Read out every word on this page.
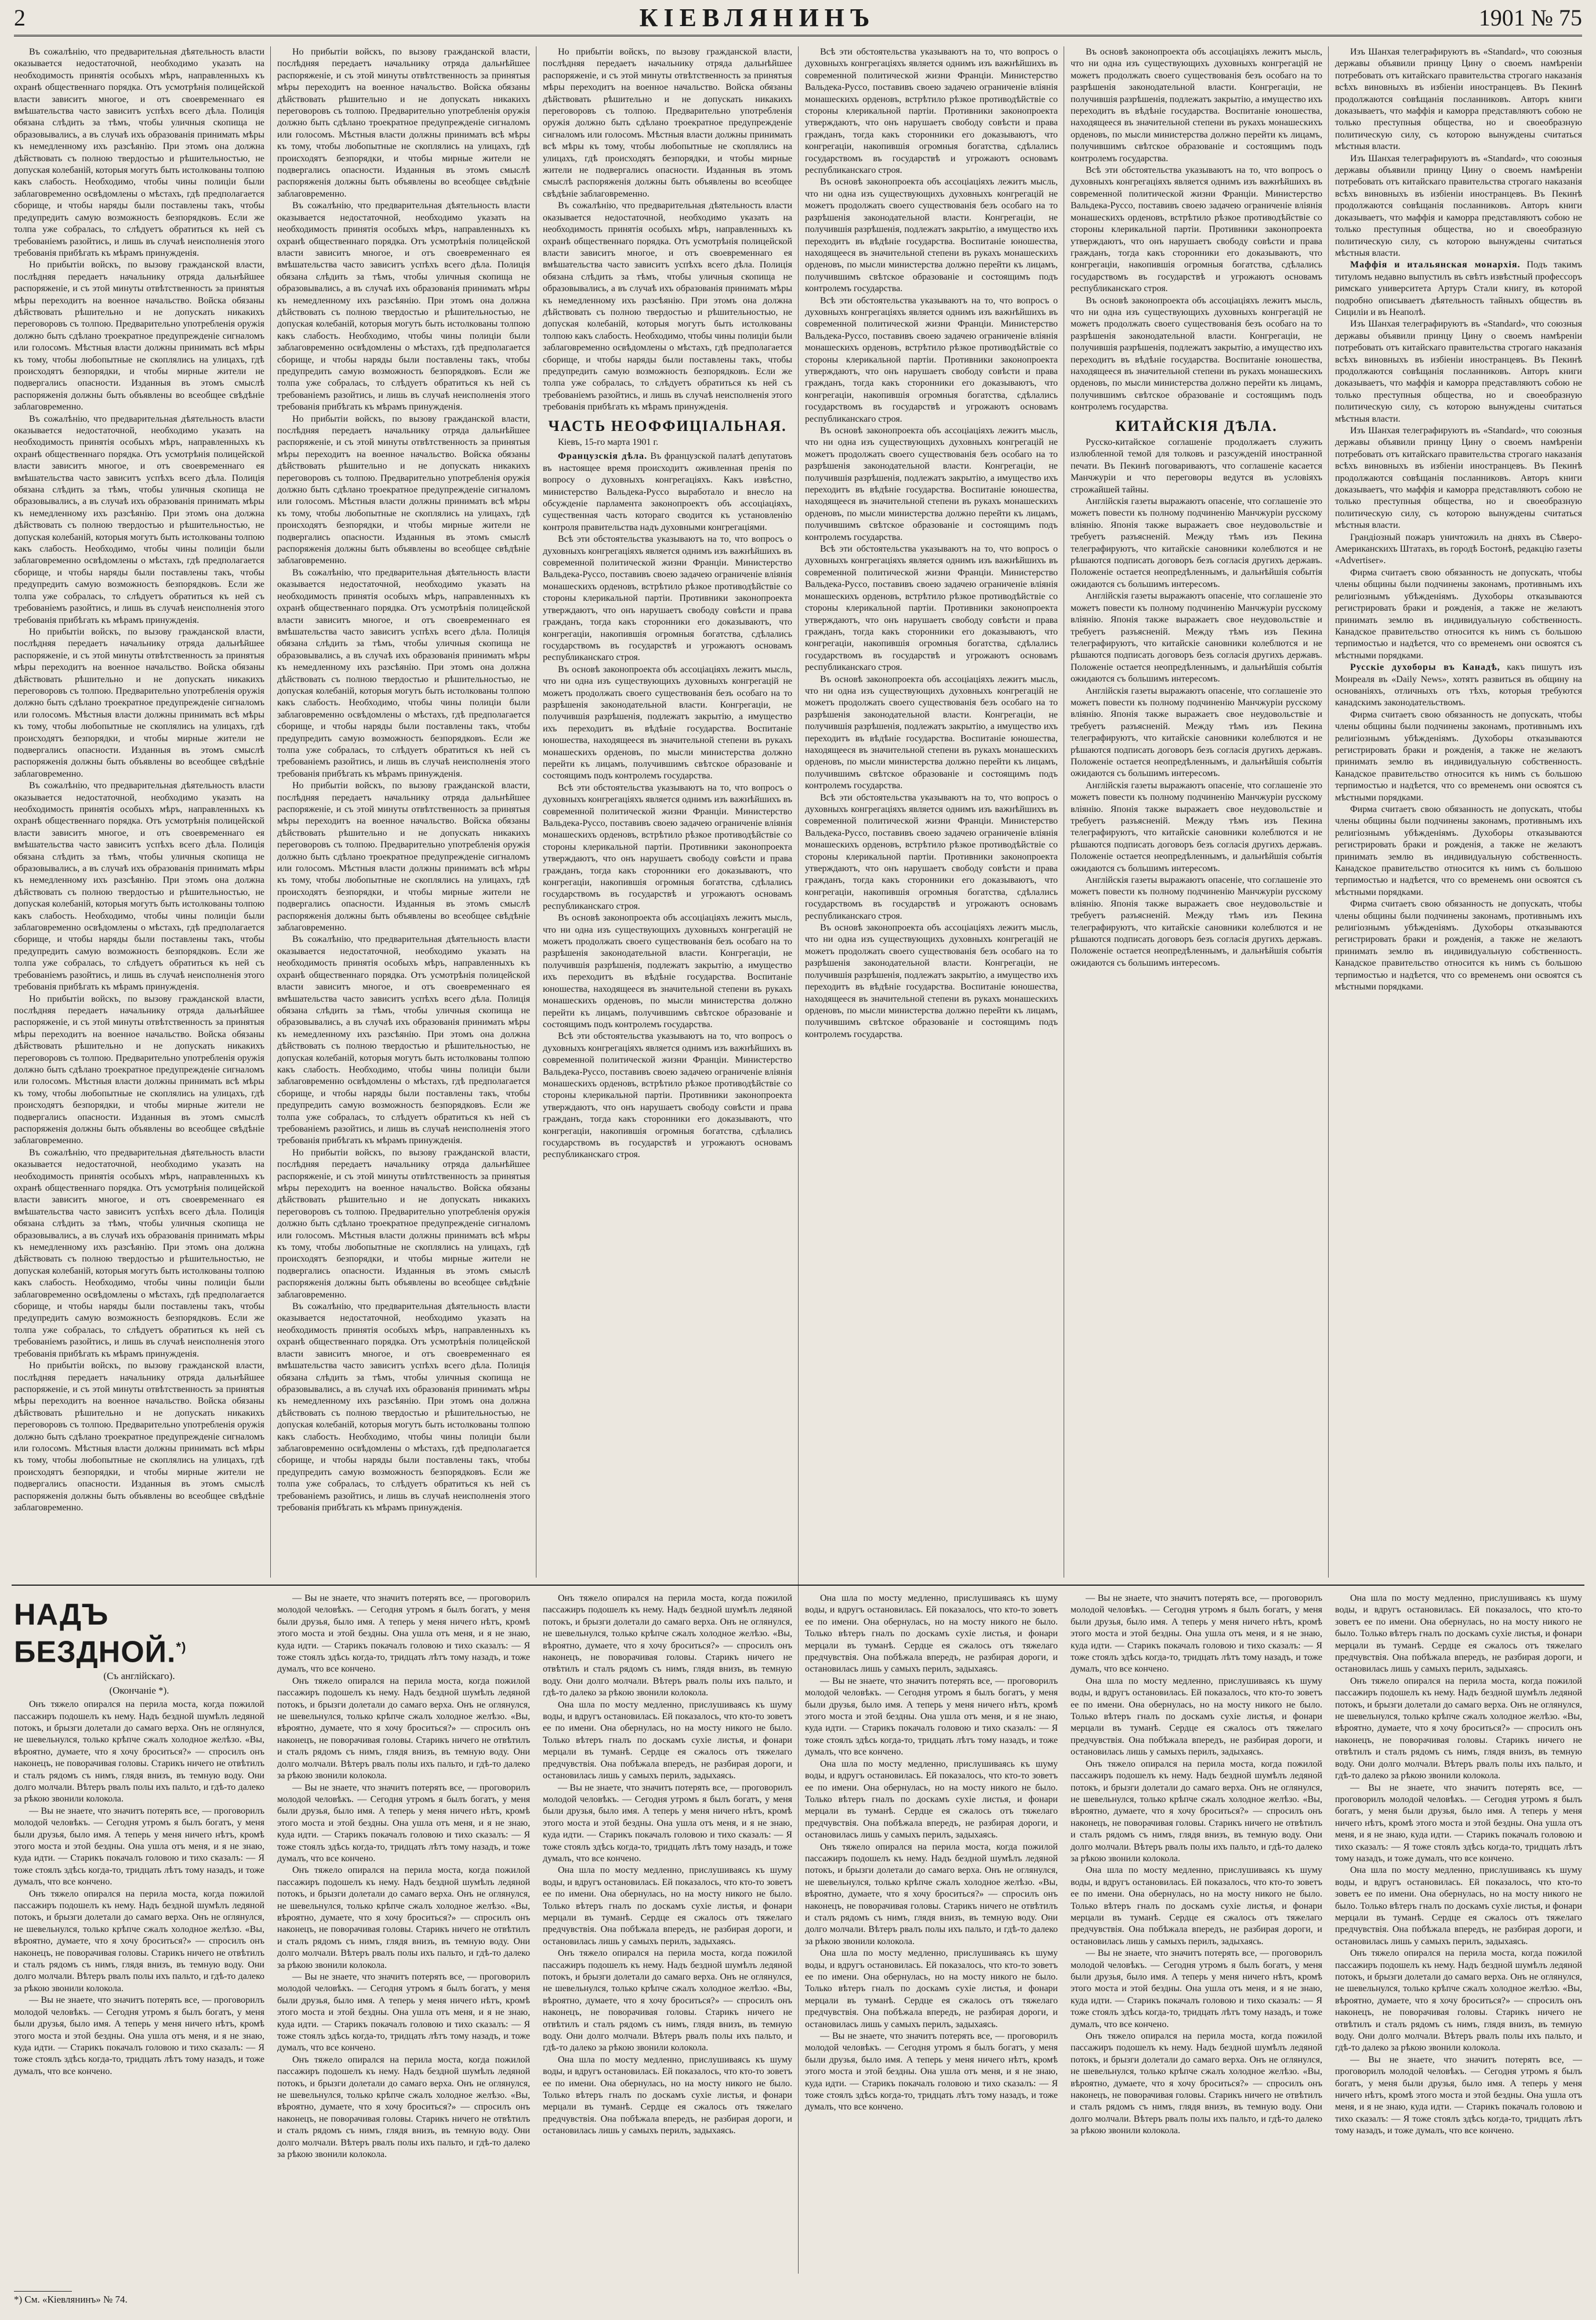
2	КІЕВЛЯНИНЪ	1901 № 75

Въ сожалѣнію, что предварительная дѣятельность власти оказывается недостаточной, необходимо указать на необходимость принятія особыхъ мѣръ, направленныхъ къ охранѣ общественнаго порядка. Отъ усмотрѣнія полицейской власти зависитъ многое, и отъ своевременнаго ея вмѣшательства часто зависитъ успѣхъ всего дѣла. Полиція обязана слѣдить за тѣмъ, чтобы уличныя скопища не образовывались, а въ случаѣ ихъ образованія принимать мѣры къ немедленному ихъ разсѣянію. При этомъ она должна дѣйствовать съ полною твердостью и рѣшительностью, не допуская колебаній, которыя могутъ быть истолкованы толпою какъ слабость. Необходимо, чтобы чины полиціи были заблаговременно освѣдомлены о мѣстахъ, гдѣ предполагается сборище, и чтобы наряды были поставлены такъ, чтобы предупредить самую возможность безпорядковъ. Если же толпа уже собралась, то слѣдуетъ обратиться къ ней съ требованіемъ разойтись, и лишь въ случаѣ неисполненія этого требованія прибѣгать къ мѣрамъ принужденія.

Но прибытіи войскъ, по вызову гражданской власти, послѣдняя передаетъ начальнику отряда дальнѣйшее распоряженіе, и съ этой минуты отвѣтственность за принятыя мѣры переходитъ на военное начальство. Войска обязаны дѣйствовать рѣшительно и не допускать никакихъ переговоровъ съ толпою. Предварительно употребленія оружія должно быть сдѣлано троекратное предупрежденіе сигналомъ или голосомъ. Мѣстныя власти должны принимать всѣ мѣры къ тому, чтобы любопытные не скоплялись на улицахъ, гдѣ происходятъ безпорядки, и чтобы мирные жители не подвергались опасности. Изданныя въ этомъ смыслѣ распоряженія должны быть объявлены во всеобщее свѣдѣніе заблаговременно.

Въ сожалѣнію, что предварительная дѣятельность власти оказывается недостаточной, необходимо указать на необходимость принятія особыхъ мѣръ, направленныхъ къ охранѣ общественнаго порядка. Отъ усмотрѣнія полицейской власти зависитъ многое, и отъ своевременнаго ея вмѣшательства часто зависитъ успѣхъ всего дѣла. Полиція обязана слѣдить за тѣмъ, чтобы уличныя скопища не образовывались, а въ случаѣ ихъ образованія принимать мѣры къ немедленному ихъ разсѣянію. При этомъ она должна дѣйствовать съ полною твердостью и рѣшительностью, не допуская колебаній, которыя могутъ быть истолкованы толпою какъ слабость. Необходимо, чтобы чины полиціи были заблаговременно освѣдомлены о мѣстахъ, гдѣ предполагается сборище, и чтобы наряды были поставлены такъ, чтобы предупредить самую возможность безпорядковъ. Если же толпа уже собралась, то слѣдуетъ обратиться къ ней съ требованіемъ разойтись, и лишь въ случаѣ неисполненія этого требованія прибѣгать къ мѣрамъ принужденія.

Но прибытіи войскъ, по вызову гражданской власти, послѣдняя передаетъ начальнику отряда дальнѣйшее распоряженіе, и съ этой минуты отвѣтственность за принятыя мѣры переходитъ на военное начальство. Войска обязаны дѣйствовать рѣшительно и не допускать никакихъ переговоровъ съ толпою. Предварительно употребленія оружія должно быть сдѣлано троекратное предупрежденіе сигналомъ или голосомъ. Мѣстныя власти должны принимать всѣ мѣры къ тому, чтобы любопытные не скоплялись на улицахъ, гдѣ происходятъ безпорядки, и чтобы мирные жители не подвергались опасности. Изданныя въ этомъ смыслѣ распоряженія должны быть объявлены во всеобщее свѣдѣніе заблаговременно.

Въ сожалѣнію, что предварительная дѣятельность власти оказывается недостаточной, необходимо указать на необходимость принятія особыхъ мѣръ, направленныхъ къ охранѣ общественнаго порядка. Отъ усмотрѣнія полицейской власти зависитъ многое, и отъ своевременнаго ея вмѣшательства часто зависитъ успѣхъ всего дѣла. Полиція обязана слѣдить за тѣмъ, чтобы уличныя скопища не образовывались, а въ случаѣ ихъ образованія принимать мѣры къ немедленному ихъ разсѣянію. При этомъ она должна дѣйствовать съ полною твердостью и рѣшительностью, не допуская колебаній, которыя могутъ быть истолкованы толпою какъ слабость. Необходимо, чтобы чины полиціи были заблаговременно освѣдомлены о мѣстахъ, гдѣ предполагается сборище, и чтобы наряды были поставлены такъ, чтобы предупредить самую возможность безпорядковъ. Если же толпа уже собралась, то слѣдуетъ обратиться къ ней съ требованіемъ разойтись, и лишь въ случаѣ неисполненія этого требованія прибѣгать къ мѣрамъ принужденія.

Но прибытіи войскъ, по вызову гражданской власти, послѣдняя передаетъ начальнику отряда дальнѣйшее распоряженіе, и съ этой минуты отвѣтственность за принятыя мѣры переходитъ на военное начальство. Войска обязаны дѣйствовать рѣшительно и не допускать никакихъ переговоровъ съ толпою. Предварительно употребленія оружія должно быть сдѣлано троекратное предупрежденіе сигналомъ или голосомъ. Мѣстныя власти должны принимать всѣ мѣры къ тому, чтобы любопытные не скоплялись на улицахъ, гдѣ происходятъ безпорядки, и чтобы мирные жители не подвергались опасности. Изданныя въ этомъ смыслѣ распоряженія должны быть объявлены во всеобщее свѣдѣніе заблаговременно.

Въ сожалѣнію, что предварительная дѣятельность власти оказывается недостаточной, необходимо указать на необходимость принятія особыхъ мѣръ, направленныхъ къ охранѣ общественнаго порядка. Отъ усмотрѣнія полицейской власти зависитъ многое, и отъ своевременнаго ея вмѣшательства часто зависитъ успѣхъ всего дѣла. Полиція обязана слѣдить за тѣмъ, чтобы уличныя скопища не образовывались, а въ случаѣ ихъ образованія принимать мѣры къ немедленному ихъ разсѣянію. При этомъ она должна дѣйствовать съ полною твердостью и рѣшительностью, не допуская колебаній, которыя могутъ быть истолкованы толпою какъ слабость. Необходимо, чтобы чины полиціи были заблаговременно освѣдомлены о мѣстахъ, гдѣ предполагается сборище, и чтобы наряды были поставлены такъ, чтобы предупредить самую возможность безпорядковъ. Если же толпа уже собралась, то слѣдуетъ обратиться къ ней съ требованіемъ разойтись, и лишь въ случаѣ неисполненія этого требованія прибѣгать къ мѣрамъ принужденія.

Но прибытіи войскъ, по вызову гражданской власти, послѣдняя передаетъ начальнику отряда дальнѣйшее распоряженіе, и съ этой минуты отвѣтственность за принятыя мѣры переходитъ на военное начальство. Войска обязаны дѣйствовать рѣшительно и не допускать никакихъ переговоровъ съ толпою. Предварительно употребленія оружія должно быть сдѣлано троекратное предупрежденіе сигналомъ или голосомъ. Мѣстныя власти должны принимать всѣ мѣры къ тому, чтобы любопытные не скоплялись на улицахъ, гдѣ происходятъ безпорядки, и чтобы мирные жители не подвергались опасности. Изданныя въ этомъ смыслѣ распоряженія должны быть объявлены во всеобщее свѣдѣніе заблаговременно.

Но прибытіи войскъ, по вызову гражданской власти, послѣдняя передаетъ начальнику отряда дальнѣйшее распоряженіе, и съ этой минуты отвѣтственность за принятыя мѣры переходитъ на военное начальство. Войска обязаны дѣйствовать рѣшительно и не допускать никакихъ переговоровъ съ толпою. Предварительно употребленія оружія должно быть сдѣлано троекратное предупрежденіе сигналомъ или голосомъ. Мѣстныя власти должны принимать всѣ мѣры къ тому, чтобы любопытные не скоплялись на улицахъ, гдѣ происходятъ безпорядки, и чтобы мирные жители не подвергались опасности. Изданныя въ этомъ смыслѣ распоряженія должны быть объявлены во всеобщее свѣдѣніе заблаговременно.

Въ сожалѣнію, что предварительная дѣятельность власти оказывается недостаточной, необходимо указать на необходимость принятія особыхъ мѣръ, направленныхъ къ охранѣ общественнаго порядка. Отъ усмотрѣнія полицейской власти зависитъ многое, и отъ своевременнаго ея вмѣшательства часто зависитъ успѣхъ всего дѣла. Полиція обязана слѣдить за тѣмъ, чтобы уличныя скопища не образовывались, а въ случаѣ ихъ образованія принимать мѣры къ немедленному ихъ разсѣянію. При этомъ она должна дѣйствовать съ полною твердостью и рѣшительностью, не допуская колебаній, которыя могутъ быть истолкованы толпою какъ слабость. Необходимо, чтобы чины полиціи были заблаговременно освѣдомлены о мѣстахъ, гдѣ предполагается сборище, и чтобы наряды были поставлены такъ, чтобы предупредить самую возможность безпорядковъ. Если же толпа уже собралась, то слѣдуетъ обратиться къ ней съ требованіемъ разойтись, и лишь въ случаѣ неисполненія этого требованія прибѣгать къ мѣрамъ принужденія.

Но прибытіи войскъ, по вызову гражданской власти, послѣдняя передаетъ начальнику отряда дальнѣйшее распоряженіе, и съ этой минуты отвѣтственность за принятыя мѣры переходитъ на военное начальство. Войска обязаны дѣйствовать рѣшительно и не допускать никакихъ переговоровъ съ толпою. Предварительно употребленія оружія должно быть сдѣлано троекратное предупрежденіе сигналомъ или голосомъ. Мѣстныя власти должны принимать всѣ мѣры къ тому, чтобы любопытные не скоплялись на улицахъ, гдѣ происходятъ безпорядки, и чтобы мирные жители не подвергались опасности. Изданныя въ этомъ смыслѣ распоряженія должны быть объявлены во всеобщее свѣдѣніе заблаговременно.

Въ сожалѣнію, что предварительная дѣятельность власти оказывается недостаточной, необходимо указать на необходимость принятія особыхъ мѣръ, направленныхъ къ охранѣ общественнаго порядка. Отъ усмотрѣнія полицейской власти зависитъ многое, и отъ своевременнаго ея вмѣшательства часто зависитъ успѣхъ всего дѣла. Полиція обязана слѣдить за тѣмъ, чтобы уличныя скопища не образовывались, а въ случаѣ ихъ образованія принимать мѣры къ немедленному ихъ разсѣянію. При этомъ она должна дѣйствовать съ полною твердостью и рѣшительностью, не допуская колебаній, которыя могутъ быть истолкованы толпою какъ слабость. Необходимо, чтобы чины полиціи были заблаговременно освѣдомлены о мѣстахъ, гдѣ предполагается сборище, и чтобы наряды были поставлены такъ, чтобы предупредить самую возможность безпорядковъ. Если же толпа уже собралась, то слѣдуетъ обратиться къ ней съ требованіемъ разойтись, и лишь въ случаѣ неисполненія этого требованія прибѣгать къ мѣрамъ принужденія.

Но прибытіи войскъ, по вызову гражданской власти, послѣдняя передаетъ начальнику отряда дальнѣйшее распоряженіе, и съ этой минуты отвѣтственность за принятыя мѣры переходитъ на военное начальство. Войска обязаны дѣйствовать рѣшительно и не допускать никакихъ переговоровъ съ толпою. Предварительно употребленія оружія должно быть сдѣлано троекратное предупрежденіе сигналомъ или голосомъ. Мѣстныя власти должны принимать всѣ мѣры къ тому, чтобы любопытные не скоплялись на улицахъ, гдѣ происходятъ безпорядки, и чтобы мирные жители не подвергались опасности. Изданныя въ этомъ смыслѣ распоряженія должны быть объявлены во всеобщее свѣдѣніе заблаговременно.

Въ сожалѣнію, что предварительная дѣятельность власти оказывается недостаточной, необходимо указать на необходимость принятія особыхъ мѣръ, направленныхъ къ охранѣ общественнаго порядка. Отъ усмотрѣнія полицейской власти зависитъ многое, и отъ своевременнаго ея вмѣшательства часто зависитъ успѣхъ всего дѣла. Полиція обязана слѣдить за тѣмъ, чтобы уличныя скопища не образовывались, а въ случаѣ ихъ образованія принимать мѣры къ немедленному ихъ разсѣянію. При этомъ она должна дѣйствовать съ полною твердостью и рѣшительностью, не допуская колебаній, которыя могутъ быть истолкованы толпою какъ слабость. Необходимо, чтобы чины полиціи были заблаговременно освѣдомлены о мѣстахъ, гдѣ предполагается сборище, и чтобы наряды были поставлены такъ, чтобы предупредить самую возможность безпорядковъ. Если же толпа уже собралась, то слѣдуетъ обратиться къ ней съ требованіемъ разойтись, и лишь въ случаѣ неисполненія этого требованія прибѣгать къ мѣрамъ принужденія.

Но прибытіи войскъ, по вызову гражданской власти, послѣдняя передаетъ начальнику отряда дальнѣйшее распоряженіе, и съ этой минуты отвѣтственность за принятыя мѣры переходитъ на военное начальство. Войска обязаны дѣйствовать рѣшительно и не допускать никакихъ переговоровъ съ толпою. Предварительно употребленія оружія должно быть сдѣлано троекратное предупрежденіе сигналомъ или голосомъ. Мѣстныя власти должны принимать всѣ мѣры къ тому, чтобы любопытные не скоплялись на улицахъ, гдѣ происходятъ безпорядки, и чтобы мирные жители не подвергались опасности. Изданныя въ этомъ смыслѣ распоряженія должны быть объявлены во всеобщее свѣдѣніе заблаговременно.

Въ сожалѣнію, что предварительная дѣятельность власти оказывается недостаточной, необходимо указать на необходимость принятія особыхъ мѣръ, направленныхъ къ охранѣ общественнаго порядка. Отъ усмотрѣнія полицейской власти зависитъ многое, и отъ своевременнаго ея вмѣшательства часто зависитъ успѣхъ всего дѣла. Полиція обязана слѣдить за тѣмъ, чтобы уличныя скопища не образовывались, а въ случаѣ ихъ образованія принимать мѣры къ немедленному ихъ разсѣянію. При этомъ она должна дѣйствовать съ полною твердостью и рѣшительностью, не допуская колебаній, которыя могутъ быть истолкованы толпою какъ слабость. Необходимо, чтобы чины полиціи были заблаговременно освѣдомлены о мѣстахъ, гдѣ предполагается сборище, и чтобы наряды были поставлены такъ, чтобы предупредить самую возможность безпорядковъ. Если же толпа уже собралась, то слѣдуетъ обратиться къ ней съ требованіемъ разойтись, и лишь въ случаѣ неисполненія этого требованія прибѣгать къ мѣрамъ принужденія.

Но прибытіи войскъ, по вызову гражданской власти, послѣдняя передаетъ начальнику отряда дальнѣйшее распоряженіе, и съ этой минуты отвѣтственность за принятыя мѣры переходитъ на военное начальство. Войска обязаны дѣйствовать рѣшительно и не допускать никакихъ переговоровъ съ толпою. Предварительно употребленія оружія должно быть сдѣлано троекратное предупрежденіе сигналомъ или голосомъ. Мѣстныя власти должны принимать всѣ мѣры къ тому, чтобы любопытные не скоплялись на улицахъ, гдѣ происходятъ безпорядки, и чтобы мирные жители не подвергались опасности. Изданныя въ этомъ смыслѣ распоряженія должны быть объявлены во всеобщее свѣдѣніе заблаговременно.

Въ сожалѣнію, что предварительная дѣятельность власти оказывается недостаточной, необходимо указать на необходимость принятія особыхъ мѣръ, направленныхъ къ охранѣ общественнаго порядка. Отъ усмотрѣнія полицейской власти зависитъ многое, и отъ своевременнаго ея вмѣшательства часто зависитъ успѣхъ всего дѣла. Полиція обязана слѣдить за тѣмъ, чтобы уличныя скопища не образовывались, а въ случаѣ ихъ образованія принимать мѣры къ немедленному ихъ разсѣянію. При этомъ она должна дѣйствовать съ полною твердостью и рѣшительностью, не допуская колебаній, которыя могутъ быть истолкованы толпою какъ слабость. Необходимо, чтобы чины полиціи были заблаговременно освѣдомлены о мѣстахъ, гдѣ предполагается сборище, и чтобы наряды были поставлены такъ, чтобы предупредить самую возможность безпорядковъ. Если же толпа уже собралась, то слѣдуетъ обратиться къ ней съ требованіемъ разойтись, и лишь въ случаѣ неисполненія этого требованія прибѣгать къ мѣрамъ принужденія.

ЧАСТЬ НЕОФФИЦІАЛЬНАЯ.
Кіевъ, 15-го марта 1901 г.

Французскія дѣла. Въ французской палатѣ депутатовъ въ настоящее время происходитъ оживленная пренія по вопросу о духовныхъ конгрегаціяхъ. Какъ извѣстно, министерство Вальдека-Руссо выработало и внесло на обсужденіе парламента законопроектъ объ ассоціаціяхъ, существенная часть котораго сводится къ установленію контроля правительства надъ духовными конгрегаціями.

Всѣ эти обстоятельства указываютъ на то, что вопросъ о духовныхъ конгрегаціяхъ является однимъ изъ важнѣйшихъ въ современной политической жизни Франціи. Министерство Вальдека-Руссо, поставивъ своею задачею ограниченіе вліянія монашескихъ орденовъ, встрѣтило рѣзкое противодѣйствіе со стороны клерикальной партіи. Противники законопроекта утверждаютъ, что онъ нарушаетъ свободу совѣсти и права гражданъ, тогда какъ сторонники его доказываютъ, что конгрегаціи, накопившія огромныя богатства, сдѣлались государствомъ въ государствѣ и угрожаютъ основамъ республиканскаго строя.

Въ основѣ законопроекта объ ассоціаціяхъ лежитъ мысль, что ни одна изъ существующихъ духовныхъ конгрегацій не можетъ продолжать своего существованія безъ особаго на то разрѣшенія законодательной власти. Конгрегаціи, не получившія разрѣшенія, подлежатъ закрытію, а имущество ихъ переходитъ въ вѣдѣніе государства. Воспитаніе юношества, находящееся въ значительной степени въ рукахъ монашескихъ орденовъ, по мысли министерства должно перейти къ лицамъ, получившимъ свѣтское образованіе и состоящимъ подъ контролемъ государства.

Всѣ эти обстоятельства указываютъ на то, что вопросъ о духовныхъ конгрегаціяхъ является однимъ изъ важнѣйшихъ въ современной политической жизни Франціи. Министерство Вальдека-Руссо, поставивъ своею задачею ограниченіе вліянія монашескихъ орденовъ, встрѣтило рѣзкое противодѣйствіе со стороны клерикальной партіи. Противники законопроекта утверждаютъ, что онъ нарушаетъ свободу совѣсти и права гражданъ, тогда какъ сторонники его доказываютъ, что конгрегаціи, накопившія огромныя богатства, сдѣлались государствомъ въ государствѣ и угрожаютъ основамъ республиканскаго строя.

Въ основѣ законопроекта объ ассоціаціяхъ лежитъ мысль, что ни одна изъ существующихъ духовныхъ конгрегацій не можетъ продолжать своего существованія безъ особаго на то разрѣшенія законодательной власти. Конгрегаціи, не получившія разрѣшенія, подлежатъ закрытію, а имущество ихъ переходитъ въ вѣдѣніе государства. Воспитаніе юношества, находящееся въ значительной степени въ рукахъ монашескихъ орденовъ, по мысли министерства должно перейти къ лицамъ, получившимъ свѣтское образованіе и состоящимъ подъ контролемъ государства.

Всѣ эти обстоятельства указываютъ на то, что вопросъ о духовныхъ конгрегаціяхъ является однимъ изъ важнѣйшихъ въ современной политической жизни Франціи. Министерство Вальдека-Руссо, поставивъ своею задачею ограниченіе вліянія монашескихъ орденовъ, встрѣтило рѣзкое противодѣйствіе со стороны клерикальной партіи. Противники законопроекта утверждаютъ, что онъ нарушаетъ свободу совѣсти и права гражданъ, тогда какъ сторонники его доказываютъ, что конгрегаціи, накопившія огромныя богатства, сдѣлались государствомъ въ государствѣ и угрожаютъ основамъ республиканскаго строя.

Всѣ эти обстоятельства указываютъ на то, что вопросъ о духовныхъ конгрегаціяхъ является однимъ изъ важнѣйшихъ въ современной политической жизни Франціи. Министерство Вальдека-Руссо, поставивъ своею задачею ограниченіе вліянія монашескихъ орденовъ, встрѣтило рѣзкое противодѣйствіе со стороны клерикальной партіи. Противники законопроекта утверждаютъ, что онъ нарушаетъ свободу совѣсти и права гражданъ, тогда какъ сторонники его доказываютъ, что конгрегаціи, накопившія огромныя богатства, сдѣлались государствомъ въ государствѣ и угрожаютъ основамъ республиканскаго строя.

Въ основѣ законопроекта объ ассоціаціяхъ лежитъ мысль, что ни одна изъ существующихъ духовныхъ конгрегацій не можетъ продолжать своего существованія безъ особаго на то разрѣшенія законодательной власти. Конгрегаціи, не получившія разрѣшенія, подлежатъ закрытію, а имущество ихъ переходитъ въ вѣдѣніе государства. Воспитаніе юношества, находящееся въ значительной степени въ рукахъ монашескихъ орденовъ, по мысли министерства должно перейти къ лицамъ, получившимъ свѣтское образованіе и состоящимъ подъ контролемъ государства.

Всѣ эти обстоятельства указываютъ на то, что вопросъ о духовныхъ конгрегаціяхъ является однимъ изъ важнѣйшихъ въ современной политической жизни Франціи. Министерство Вальдека-Руссо, поставивъ своею задачею ограниченіе вліянія монашескихъ орденовъ, встрѣтило рѣзкое противодѣйствіе со стороны клерикальной партіи. Противники законопроекта утверждаютъ, что онъ нарушаетъ свободу совѣсти и права гражданъ, тогда какъ сторонники его доказываютъ, что конгрегаціи, накопившія огромныя богатства, сдѣлались государствомъ въ государствѣ и угрожаютъ основамъ республиканскаго строя.

Въ основѣ законопроекта объ ассоціаціяхъ лежитъ мысль, что ни одна изъ существующихъ духовныхъ конгрегацій не можетъ продолжать своего существованія безъ особаго на то разрѣшенія законодательной власти. Конгрегаціи, не получившія разрѣшенія, подлежатъ закрытію, а имущество ихъ переходитъ въ вѣдѣніе государства. Воспитаніе юношества, находящееся въ значительной степени въ рукахъ монашескихъ орденовъ, по мысли министерства должно перейти къ лицамъ, получившимъ свѣтское образованіе и состоящимъ подъ контролемъ государства.

Всѣ эти обстоятельства указываютъ на то, что вопросъ о духовныхъ конгрегаціяхъ является однимъ изъ важнѣйшихъ въ современной политической жизни Франціи. Министерство Вальдека-Руссо, поставивъ своею задачею ограниченіе вліянія монашескихъ орденовъ, встрѣтило рѣзкое противодѣйствіе со стороны клерикальной партіи. Противники законопроекта утверждаютъ, что онъ нарушаетъ свободу совѣсти и права гражданъ, тогда какъ сторонники его доказываютъ, что конгрегаціи, накопившія огромныя богатства, сдѣлались государствомъ въ государствѣ и угрожаютъ основамъ республиканскаго строя.

Въ основѣ законопроекта объ ассоціаціяхъ лежитъ мысль, что ни одна изъ существующихъ духовныхъ конгрегацій не можетъ продолжать своего существованія безъ особаго на то разрѣшенія законодательной власти. Конгрегаціи, не получившія разрѣшенія, подлежатъ закрытію, а имущество ихъ переходитъ въ вѣдѣніе государства. Воспитаніе юношества, находящееся въ значительной степени въ рукахъ монашескихъ орденовъ, по мысли министерства должно перейти къ лицамъ, получившимъ свѣтское образованіе и состоящимъ подъ контролемъ государства.

Всѣ эти обстоятельства указываютъ на то, что вопросъ о духовныхъ конгрегаціяхъ является однимъ изъ важнѣйшихъ въ современной политической жизни Франціи. Министерство Вальдека-Руссо, поставивъ своею задачею ограниченіе вліянія монашескихъ орденовъ, встрѣтило рѣзкое противодѣйствіе со стороны клерикальной партіи. Противники законопроекта утверждаютъ, что онъ нарушаетъ свободу совѣсти и права гражданъ, тогда какъ сторонники его доказываютъ, что конгрегаціи, накопившія огромныя богатства, сдѣлались государствомъ въ государствѣ и угрожаютъ основамъ республиканскаго строя.

Въ основѣ законопроекта объ ассоціаціяхъ лежитъ мысль, что ни одна изъ существующихъ духовныхъ конгрегацій не можетъ продолжать своего существованія безъ особаго на то разрѣшенія законодательной власти. Конгрегаціи, не получившія разрѣшенія, подлежатъ закрытію, а имущество ихъ переходитъ въ вѣдѣніе государства. Воспитаніе юношества, находящееся въ значительной степени въ рукахъ монашескихъ орденовъ, по мысли министерства должно перейти къ лицамъ, получившимъ свѣтское образованіе и состоящимъ подъ контролемъ государства.

Въ основѣ законопроекта объ ассоціаціяхъ лежитъ мысль, что ни одна изъ существующихъ духовныхъ конгрегацій не можетъ продолжать своего существованія безъ особаго на то разрѣшенія законодательной власти. Конгрегаціи, не получившія разрѣшенія, подлежатъ закрытію, а имущество ихъ переходитъ въ вѣдѣніе государства. Воспитаніе юношества, находящееся въ значительной степени въ рукахъ монашескихъ орденовъ, по мысли министерства должно перейти къ лицамъ, получившимъ свѣтское образованіе и состоящимъ подъ контролемъ государства.

Всѣ эти обстоятельства указываютъ на то, что вопросъ о духовныхъ конгрегаціяхъ является однимъ изъ важнѣйшихъ въ современной политической жизни Франціи. Министерство Вальдека-Руссо, поставивъ своею задачею ограниченіе вліянія монашескихъ орденовъ, встрѣтило рѣзкое противодѣйствіе со стороны клерикальной партіи. Противники законопроекта утверждаютъ, что онъ нарушаетъ свободу совѣсти и права гражданъ, тогда какъ сторонники его доказываютъ, что конгрегаціи, накопившія огромныя богатства, сдѣлались государствомъ въ государствѣ и угрожаютъ основамъ республиканскаго строя.

Въ основѣ законопроекта объ ассоціаціяхъ лежитъ мысль, что ни одна изъ существующихъ духовныхъ конгрегацій не можетъ продолжать своего существованія безъ особаго на то разрѣшенія законодательной власти. Конгрегаціи, не получившія разрѣшенія, подлежатъ закрытію, а имущество ихъ переходитъ въ вѣдѣніе государства. Воспитаніе юношества, находящееся въ значительной степени въ рукахъ монашескихъ орденовъ, по мысли министерства должно перейти къ лицамъ, получившимъ свѣтское образованіе и состоящимъ подъ контролемъ государства.

КИТАЙСКІЯ ДѢЛА.

Русско-китайское соглашеніе продолжаетъ служить излюбленной темой для толковъ и разсужденій иностранной печати. Въ Пекинѣ поговариваютъ, что соглашеніе касается Манчжуріи и что переговоры ведутся въ условіяхъ строжайшей тайны.

Англійскія газеты выражаютъ опасеніе, что соглашеніе это можетъ повести къ полному подчиненію Манчжуріи русскому вліянію. Японія также выражаетъ свое неудовольствіе и требуетъ разъясненій. Между тѣмъ изъ Пекина телеграфируютъ, что китайскіе сановники колеблются и не рѣшаются подписать договоръ безъ согласія другихъ державъ. Положеніе остается неопредѣленнымъ, и дальнѣйшія событія ожидаются съ большимъ интересомъ.

Англійскія газеты выражаютъ опасеніе, что соглашеніе это можетъ повести къ полному подчиненію Манчжуріи русскому вліянію. Японія также выражаетъ свое неудовольствіе и требуетъ разъясненій. Между тѣмъ изъ Пекина телеграфируютъ, что китайскіе сановники колеблются и не рѣшаются подписать договоръ безъ согласія другихъ державъ. Положеніе остается неопредѣленнымъ, и дальнѣйшія событія ожидаются съ большимъ интересомъ.

Англійскія газеты выражаютъ опасеніе, что соглашеніе это можетъ повести къ полному подчиненію Манчжуріи русскому вліянію. Японія также выражаетъ свое неудовольствіе и требуетъ разъясненій. Между тѣмъ изъ Пекина телеграфируютъ, что китайскіе сановники колеблются и не рѣшаются подписать договоръ безъ согласія другихъ державъ. Положеніе остается неопредѣленнымъ, и дальнѣйшія событія ожидаются съ большимъ интересомъ.

Англійскія газеты выражаютъ опасеніе, что соглашеніе это можетъ повести къ полному подчиненію Манчжуріи русскому вліянію. Японія также выражаетъ свое неудовольствіе и требуетъ разъясненій. Между тѣмъ изъ Пекина телеграфируютъ, что китайскіе сановники колеблются и не рѣшаются подписать договоръ безъ согласія другихъ державъ. Положеніе остается неопредѣленнымъ, и дальнѣйшія событія ожидаются съ большимъ интересомъ.

Англійскія газеты выражаютъ опасеніе, что соглашеніе это можетъ повести къ полному подчиненію Манчжуріи русскому вліянію. Японія также выражаетъ свое неудовольствіе и требуетъ разъясненій. Между тѣмъ изъ Пекина телеграфируютъ, что китайскіе сановники колеблются и не рѣшаются подписать договоръ безъ согласія другихъ державъ. Положеніе остается неопредѣленнымъ, и дальнѣйшія событія ожидаются съ большимъ интересомъ.

Изъ Шанхая телеграфируютъ въ «Standard», что союзныя державы объявили принцу Цину о своемъ намѣреніи потребовать отъ китайскаго правительства строгаго наказанія всѣхъ виновныхъ въ избіеніи иностранцевъ. Въ Пекинѣ продолжаются совѣщанія посланниковъ. Авторъ книги доказываетъ, что маффія и каморра представляютъ собою не только преступныя общества, но и своеобразную политическую силу, съ которою вынуждены считаться мѣстныя власти.

Изъ Шанхая телеграфируютъ въ «Standard», что союзныя державы объявили принцу Цину о своемъ намѣреніи потребовать отъ китайскаго правительства строгаго наказанія всѣхъ виновныхъ въ избіеніи иностранцевъ. Въ Пекинѣ продолжаются совѣщанія посланниковъ. Авторъ книги доказываетъ, что маффія и каморра представляютъ собою не только преступныя общества, но и своеобразную политическую силу, съ которою вынуждены считаться мѣстныя власти.

Маффія и итальянская монархія. Подъ такимъ титуломъ недавно выпустилъ въ свѣтъ извѣстный профессоръ римскаго университета Артуръ Стали книгу, въ которой подробно описываетъ дѣятельность тайныхъ обществъ въ Сициліи и въ Неаполѣ.

Изъ Шанхая телеграфируютъ въ «Standard», что союзныя державы объявили принцу Цину о своемъ намѣреніи потребовать отъ китайскаго правительства строгаго наказанія всѣхъ виновныхъ въ избіеніи иностранцевъ. Въ Пекинѣ продолжаются совѣщанія посланниковъ. Авторъ книги доказываетъ, что маффія и каморра представляютъ собою не только преступныя общества, но и своеобразную политическую силу, съ которою вынуждены считаться мѣстныя власти.

Изъ Шанхая телеграфируютъ въ «Standard», что союзныя державы объявили принцу Цину о своемъ намѣреніи потребовать отъ китайскаго правительства строгаго наказанія всѣхъ виновныхъ въ избіеніи иностранцевъ. Въ Пекинѣ продолжаются совѣщанія посланниковъ. Авторъ книги доказываетъ, что маффія и каморра представляютъ собою не только преступныя общества, но и своеобразную политическую силу, съ которою вынуждены считаться мѣстныя власти.

Грандіозный пожаръ уничтожилъ на дняхъ въ Сѣверо-Американскихъ Штатахъ, въ городѣ Бостонѣ, редакцію газеты «Advertiser».

Фирма считаетъ свою обязанность не допускать, чтобы члены общины были подчинены законамъ, противнымъ ихъ религіознымъ убѣжденіямъ. Духоборы отказываются регистрировать браки и рожденія, а также не желаютъ принимать землю въ индивидуальную собственность. Канадское правительство относится къ нимъ съ большою терпимостью и надѣется, что со временемъ они освоятся съ мѣстными порядками.

Русскіе духоборы въ Канадѣ, какъ пишутъ изъ Монреаля въ «Daily News», хотятъ развиться въ общину на основаніяхъ, отличныхъ отъ тѣхъ, которыя требуются канадскимъ законодательствомъ.

Фирма считаетъ свою обязанность не допускать, чтобы члены общины были подчинены законамъ, противнымъ ихъ религіознымъ убѣжденіямъ. Духоборы отказываются регистрировать браки и рожденія, а также не желаютъ принимать землю въ индивидуальную собственность. Канадское правительство относится къ нимъ съ большою терпимостью и надѣется, что со временемъ они освоятся съ мѣстными порядками.

Фирма считаетъ свою обязанность не допускать, чтобы члены общины были подчинены законамъ, противнымъ ихъ религіознымъ убѣжденіямъ. Духоборы отказываются регистрировать браки и рожденія, а также не желаютъ принимать землю въ индивидуальную собственность. Канадское правительство относится къ нимъ съ большою терпимостью и надѣется, что со временемъ они освоятся съ мѣстными порядками.

Фирма считаетъ свою обязанность не допускать, чтобы члены общины были подчинены законамъ, противнымъ ихъ религіознымъ убѣжденіямъ. Духоборы отказываются регистрировать браки и рожденія, а также не желаютъ принимать землю въ индивидуальную собственность. Канадское правительство относится къ нимъ съ большою терпимостью и надѣется, что со временемъ они освоятся съ мѣстными порядками.

НАДЪ БЕЗДНОЙ.*)
(Съ англійскаго).
(Окончаніе *).

Онъ тяжело опирался на перила моста, когда пожилой пассажиръ подошелъ къ нему. Надъ бездной шумѣлъ ледяной потокъ, и брызги долетали до самаго верха. Онъ не оглянулся, не шевельнулся, только крѣпче сжалъ холодное желѣзо. «Вы, вѣроятно, думаете, что я хочу броситься?» — спросилъ онъ наконецъ, не поворачивая головы. Старикъ ничего не отвѣтилъ и сталъ рядомъ съ нимъ, глядя внизъ, въ темную воду. Они долго молчали. Вѣтеръ рвалъ полы ихъ пальто, и гдѣ-то далеко за рѣкою звонили колокола.

— Вы не знаете, что значитъ потерять все, — проговорилъ молодой человѣкъ. — Сегодня утромъ я былъ богатъ, у меня были друзья, было имя. А теперь у меня ничего нѣтъ, кромѣ этого моста и этой бездны. Она ушла отъ меня, и я не знаю, куда идти. — Старикъ покачалъ головою и тихо сказалъ: — Я тоже стоялъ здѣсь когда-то, тридцать лѣтъ тому назадъ, и тоже думалъ, что все кончено.

Онъ тяжело опирался на перила моста, когда пожилой пассажиръ подошелъ къ нему. Надъ бездной шумѣлъ ледяной потокъ, и брызги долетали до самаго верха. Онъ не оглянулся, не шевельнулся, только крѣпче сжалъ холодное желѣзо. «Вы, вѣроятно, думаете, что я хочу броситься?» — спросилъ онъ наконецъ, не поворачивая головы. Старикъ ничего не отвѣтилъ и сталъ рядомъ съ нимъ, глядя внизъ, въ темную воду. Они долго молчали. Вѣтеръ рвалъ полы ихъ пальто, и гдѣ-то далеко за рѣкою звонили колокола.

— Вы не знаете, что значитъ потерять все, — проговорилъ молодой человѣкъ. — Сегодня утромъ я былъ богатъ, у меня были друзья, было имя. А теперь у меня ничего нѣтъ, кромѣ этого моста и этой бездны. Она ушла отъ меня, и я не знаю, куда идти. — Старикъ покачалъ головою и тихо сказалъ: — Я тоже стоялъ здѣсь когда-то, тридцать лѣтъ тому назадъ, и тоже думалъ, что все кончено.

— Вы не знаете, что значитъ потерять все, — проговорилъ молодой человѣкъ. — Сегодня утромъ я былъ богатъ, у меня были друзья, было имя. А теперь у меня ничего нѣтъ, кромѣ этого моста и этой бездны. Она ушла отъ меня, и я не знаю, куда идти. — Старикъ покачалъ головою и тихо сказалъ: — Я тоже стоялъ здѣсь когда-то, тридцать лѣтъ тому назадъ, и тоже думалъ, что все кончено.

Онъ тяжело опирался на перила моста, когда пожилой пассажиръ подошелъ къ нему. Надъ бездной шумѣлъ ледяной потокъ, и брызги долетали до самаго верха. Онъ не оглянулся, не шевельнулся, только крѣпче сжалъ холодное желѣзо. «Вы, вѣроятно, думаете, что я хочу броситься?» — спросилъ онъ наконецъ, не поворачивая головы. Старикъ ничего не отвѣтилъ и сталъ рядомъ съ нимъ, глядя внизъ, въ темную воду. Они долго молчали. Вѣтеръ рвалъ полы ихъ пальто, и гдѣ-то далеко за рѣкою звонили колокола.

— Вы не знаете, что значитъ потерять все, — проговорилъ молодой человѣкъ. — Сегодня утромъ я былъ богатъ, у меня были друзья, было имя. А теперь у меня ничего нѣтъ, кромѣ этого моста и этой бездны. Она ушла отъ меня, и я не знаю, куда идти. — Старикъ покачалъ головою и тихо сказалъ: — Я тоже стоялъ здѣсь когда-то, тридцать лѣтъ тому назадъ, и тоже думалъ, что все кончено.

Онъ тяжело опирался на перила моста, когда пожилой пассажиръ подошелъ къ нему. Надъ бездной шумѣлъ ледяной потокъ, и брызги долетали до самаго верха. Онъ не оглянулся, не шевельнулся, только крѣпче сжалъ холодное желѣзо. «Вы, вѣроятно, думаете, что я хочу броситься?» — спросилъ онъ наконецъ, не поворачивая головы. Старикъ ничего не отвѣтилъ и сталъ рядомъ съ нимъ, глядя внизъ, въ темную воду. Они долго молчали. Вѣтеръ рвалъ полы ихъ пальто, и гдѣ-то далеко за рѣкою звонили колокола.

— Вы не знаете, что значитъ потерять все, — проговорилъ молодой человѣкъ. — Сегодня утромъ я былъ богатъ, у меня были друзья, было имя. А теперь у меня ничего нѣтъ, кромѣ этого моста и этой бездны. Она ушла отъ меня, и я не знаю, куда идти. — Старикъ покачалъ головою и тихо сказалъ: — Я тоже стоялъ здѣсь когда-то, тридцать лѣтъ тому назадъ, и тоже думалъ, что все кончено.

Онъ тяжело опирался на перила моста, когда пожилой пассажиръ подошелъ къ нему. Надъ бездной шумѣлъ ледяной потокъ, и брызги долетали до самаго верха. Онъ не оглянулся, не шевельнулся, только крѣпче сжалъ холодное желѣзо. «Вы, вѣроятно, думаете, что я хочу броситься?» — спросилъ онъ наконецъ, не поворачивая головы. Старикъ ничего не отвѣтилъ и сталъ рядомъ съ нимъ, глядя внизъ, въ темную воду. Они долго молчали. Вѣтеръ рвалъ полы ихъ пальто, и гдѣ-то далеко за рѣкою звонили колокола.

Онъ тяжело опирался на перила моста, когда пожилой пассажиръ подошелъ къ нему. Надъ бездной шумѣлъ ледяной потокъ, и брызги долетали до самаго верха. Онъ не оглянулся, не шевельнулся, только крѣпче сжалъ холодное желѣзо. «Вы, вѣроятно, думаете, что я хочу броситься?» — спросилъ онъ наконецъ, не поворачивая головы. Старикъ ничего не отвѣтилъ и сталъ рядомъ съ нимъ, глядя внизъ, въ темную воду. Они долго молчали. Вѣтеръ рвалъ полы ихъ пальто, и гдѣ-то далеко за рѣкою звонили колокола.

Она шла по мосту медленно, прислушиваясь къ шуму воды, и вдругъ остановилась. Ей показалось, что кто-то зоветъ ее по имени. Она обернулась, но на мосту никого не было. Только вѣтеръ гналъ по доскамъ сухіе листья, и фонари мерцали въ туманѣ. Сердце ея сжалось отъ тяжелаго предчувствія. Она побѣжала впередъ, не разбирая дороги, и остановилась лишь у самыхъ перилъ, задыхаясь.

— Вы не знаете, что значитъ потерять все, — проговорилъ молодой человѣкъ. — Сегодня утромъ я былъ богатъ, у меня были друзья, было имя. А теперь у меня ничего нѣтъ, кромѣ этого моста и этой бездны. Она ушла отъ меня, и я не знаю, куда идти. — Старикъ покачалъ головою и тихо сказалъ: — Я тоже стоялъ здѣсь когда-то, тридцать лѣтъ тому назадъ, и тоже думалъ, что все кончено.

Она шла по мосту медленно, прислушиваясь къ шуму воды, и вдругъ остановилась. Ей показалось, что кто-то зоветъ ее по имени. Она обернулась, но на мосту никого не было. Только вѣтеръ гналъ по доскамъ сухіе листья, и фонари мерцали въ туманѣ. Сердце ея сжалось отъ тяжелаго предчувствія. Она побѣжала впередъ, не разбирая дороги, и остановилась лишь у самыхъ перилъ, задыхаясь.

Онъ тяжело опирался на перила моста, когда пожилой пассажиръ подошелъ къ нему. Надъ бездной шумѣлъ ледяной потокъ, и брызги долетали до самаго верха. Онъ не оглянулся, не шевельнулся, только крѣпче сжалъ холодное желѣзо. «Вы, вѣроятно, думаете, что я хочу броситься?» — спросилъ онъ наконецъ, не поворачивая головы. Старикъ ничего не отвѣтилъ и сталъ рядомъ съ нимъ, глядя внизъ, въ темную воду. Они долго молчали. Вѣтеръ рвалъ полы ихъ пальто, и гдѣ-то далеко за рѣкою звонили колокола.

Она шла по мосту медленно, прислушиваясь къ шуму воды, и вдругъ остановилась. Ей показалось, что кто-то зоветъ ее по имени. Она обернулась, но на мосту никого не было. Только вѣтеръ гналъ по доскамъ сухіе листья, и фонари мерцали въ туманѣ. Сердце ея сжалось отъ тяжелаго предчувствія. Она побѣжала впередъ, не разбирая дороги, и остановилась лишь у самыхъ перилъ, задыхаясь.

Она шла по мосту медленно, прислушиваясь къ шуму воды, и вдругъ остановилась. Ей показалось, что кто-то зоветъ ее по имени. Она обернулась, но на мосту никого не было. Только вѣтеръ гналъ по доскамъ сухіе листья, и фонари мерцали въ туманѣ. Сердце ея сжалось отъ тяжелаго предчувствія. Она побѣжала впередъ, не разбирая дороги, и остановилась лишь у самыхъ перилъ, задыхаясь.

— Вы не знаете, что значитъ потерять все, — проговорилъ молодой человѣкъ. — Сегодня утромъ я былъ богатъ, у меня были друзья, было имя. А теперь у меня ничего нѣтъ, кромѣ этого моста и этой бездны. Она ушла отъ меня, и я не знаю, куда идти. — Старикъ покачалъ головою и тихо сказалъ: — Я тоже стоялъ здѣсь когда-то, тридцать лѣтъ тому назадъ, и тоже думалъ, что все кончено.

Она шла по мосту медленно, прислушиваясь къ шуму воды, и вдругъ остановилась. Ей показалось, что кто-то зоветъ ее по имени. Она обернулась, но на мосту никого не было. Только вѣтеръ гналъ по доскамъ сухіе листья, и фонари мерцали въ туманѣ. Сердце ея сжалось отъ тяжелаго предчувствія. Она побѣжала впередъ, не разбирая дороги, и остановилась лишь у самыхъ перилъ, задыхаясь.

Онъ тяжело опирался на перила моста, когда пожилой пассажиръ подошелъ къ нему. Надъ бездной шумѣлъ ледяной потокъ, и брызги долетали до самаго верха. Онъ не оглянулся, не шевельнулся, только крѣпче сжалъ холодное желѣзо. «Вы, вѣроятно, думаете, что я хочу броситься?» — спросилъ онъ наконецъ, не поворачивая головы. Старикъ ничего не отвѣтилъ и сталъ рядомъ съ нимъ, глядя внизъ, въ темную воду. Они долго молчали. Вѣтеръ рвалъ полы ихъ пальто, и гдѣ-то далеко за рѣкою звонили колокола.

Она шла по мосту медленно, прислушиваясь къ шуму воды, и вдругъ остановилась. Ей показалось, что кто-то зоветъ ее по имени. Она обернулась, но на мосту никого не было. Только вѣтеръ гналъ по доскамъ сухіе листья, и фонари мерцали въ туманѣ. Сердце ея сжалось отъ тяжелаго предчувствія. Она побѣжала впередъ, не разбирая дороги, и остановилась лишь у самыхъ перилъ, задыхаясь.

— Вы не знаете, что значитъ потерять все, — проговорилъ молодой человѣкъ. — Сегодня утромъ я былъ богатъ, у меня были друзья, было имя. А теперь у меня ничего нѣтъ, кромѣ этого моста и этой бездны. Она ушла отъ меня, и я не знаю, куда идти. — Старикъ покачалъ головою и тихо сказалъ: — Я тоже стоялъ здѣсь когда-то, тридцать лѣтъ тому назадъ, и тоже думалъ, что все кончено.

— Вы не знаете, что значитъ потерять все, — проговорилъ молодой человѣкъ. — Сегодня утромъ я былъ богатъ, у меня были друзья, было имя. А теперь у меня ничего нѣтъ, кромѣ этого моста и этой бездны. Она ушла отъ меня, и я не знаю, куда идти. — Старикъ покачалъ головою и тихо сказалъ: — Я тоже стоялъ здѣсь когда-то, тридцать лѣтъ тому назадъ, и тоже думалъ, что все кончено.

Она шла по мосту медленно, прислушиваясь къ шуму воды, и вдругъ остановилась. Ей показалось, что кто-то зоветъ ее по имени. Она обернулась, но на мосту никого не было. Только вѣтеръ гналъ по доскамъ сухіе листья, и фонари мерцали въ туманѣ. Сердце ея сжалось отъ тяжелаго предчувствія. Она побѣжала впередъ, не разбирая дороги, и остановилась лишь у самыхъ перилъ, задыхаясь.

Онъ тяжело опирался на перила моста, когда пожилой пассажиръ подошелъ къ нему. Надъ бездной шумѣлъ ледяной потокъ, и брызги долетали до самаго верха. Онъ не оглянулся, не шевельнулся, только крѣпче сжалъ холодное желѣзо. «Вы, вѣроятно, думаете, что я хочу броситься?» — спросилъ онъ наконецъ, не поворачивая головы. Старикъ ничего не отвѣтилъ и сталъ рядомъ съ нимъ, глядя внизъ, въ темную воду. Они долго молчали. Вѣтеръ рвалъ полы ихъ пальто, и гдѣ-то далеко за рѣкою звонили колокола.

Она шла по мосту медленно, прислушиваясь къ шуму воды, и вдругъ остановилась. Ей показалось, что кто-то зоветъ ее по имени. Она обернулась, но на мосту никого не было. Только вѣтеръ гналъ по доскамъ сухіе листья, и фонари мерцали въ туманѣ. Сердце ея сжалось отъ тяжелаго предчувствія. Она побѣжала впередъ, не разбирая дороги, и остановилась лишь у самыхъ перилъ, задыхаясь.

— Вы не знаете, что значитъ потерять все, — проговорилъ молодой человѣкъ. — Сегодня утромъ я былъ богатъ, у меня были друзья, было имя. А теперь у меня ничего нѣтъ, кромѣ этого моста и этой бездны. Она ушла отъ меня, и я не знаю, куда идти. — Старикъ покачалъ головою и тихо сказалъ: — Я тоже стоялъ здѣсь когда-то, тридцать лѣтъ тому назадъ, и тоже думалъ, что все кончено.

Онъ тяжело опирался на перила моста, когда пожилой пассажиръ подошелъ къ нему. Надъ бездной шумѣлъ ледяной потокъ, и брызги долетали до самаго верха. Онъ не оглянулся, не шевельнулся, только крѣпче сжалъ холодное желѣзо. «Вы, вѣроятно, думаете, что я хочу броситься?» — спросилъ онъ наконецъ, не поворачивая головы. Старикъ ничего не отвѣтилъ и сталъ рядомъ съ нимъ, глядя внизъ, въ темную воду. Они долго молчали. Вѣтеръ рвалъ полы ихъ пальто, и гдѣ-то далеко за рѣкою звонили колокола.

Она шла по мосту медленно, прислушиваясь къ шуму воды, и вдругъ остановилась. Ей показалось, что кто-то зоветъ ее по имени. Она обернулась, но на мосту никого не было. Только вѣтеръ гналъ по доскамъ сухіе листья, и фонари мерцали въ туманѣ. Сердце ея сжалось отъ тяжелаго предчувствія. Она побѣжала впередъ, не разбирая дороги, и остановилась лишь у самыхъ перилъ, задыхаясь.

Онъ тяжело опирался на перила моста, когда пожилой пассажиръ подошелъ къ нему. Надъ бездной шумѣлъ ледяной потокъ, и брызги долетали до самаго верха. Онъ не оглянулся, не шевельнулся, только крѣпче сжалъ холодное желѣзо. «Вы, вѣроятно, думаете, что я хочу броситься?» — спросилъ онъ наконецъ, не поворачивая головы. Старикъ ничего не отвѣтилъ и сталъ рядомъ съ нимъ, глядя внизъ, въ темную воду. Они долго молчали. Вѣтеръ рвалъ полы ихъ пальто, и гдѣ-то далеко за рѣкою звонили колокола.

— Вы не знаете, что значитъ потерять все, — проговорилъ молодой человѣкъ. — Сегодня утромъ я былъ богатъ, у меня были друзья, было имя. А теперь у меня ничего нѣтъ, кромѣ этого моста и этой бездны. Она ушла отъ меня, и я не знаю, куда идти. — Старикъ покачалъ головою и тихо сказалъ: — Я тоже стоялъ здѣсь когда-то, тридцать лѣтъ тому назадъ, и тоже думалъ, что все кончено.

Она шла по мосту медленно, прислушиваясь къ шуму воды, и вдругъ остановилась. Ей показалось, что кто-то зоветъ ее по имени. Она обернулась, но на мосту никого не было. Только вѣтеръ гналъ по доскамъ сухіе листья, и фонари мерцали въ туманѣ. Сердце ея сжалось отъ тяжелаго предчувствія. Она побѣжала впередъ, не разбирая дороги, и остановилась лишь у самыхъ перилъ, задыхаясь.

Онъ тяжело опирался на перила моста, когда пожилой пассажиръ подошелъ къ нему. Надъ бездной шумѣлъ ледяной потокъ, и брызги долетали до самаго верха. Онъ не оглянулся, не шевельнулся, только крѣпче сжалъ холодное желѣзо. «Вы, вѣроятно, думаете, что я хочу броситься?» — спросилъ онъ наконецъ, не поворачивая головы. Старикъ ничего не отвѣтилъ и сталъ рядомъ съ нимъ, глядя внизъ, въ темную воду. Они долго молчали. Вѣтеръ рвалъ полы ихъ пальто, и гдѣ-то далеко за рѣкою звонили колокола.

— Вы не знаете, что значитъ потерять все, — проговорилъ молодой человѣкъ. — Сегодня утромъ я былъ богатъ, у меня были друзья, было имя. А теперь у меня ничего нѣтъ, кромѣ этого моста и этой бездны. Она ушла отъ меня, и я не знаю, куда идти. — Старикъ покачалъ головою и тихо сказалъ: — Я тоже стоялъ здѣсь когда-то, тридцать лѣтъ тому назадъ, и тоже думалъ, что все кончено.

*) См. «Кіевлянинъ» № 74.
